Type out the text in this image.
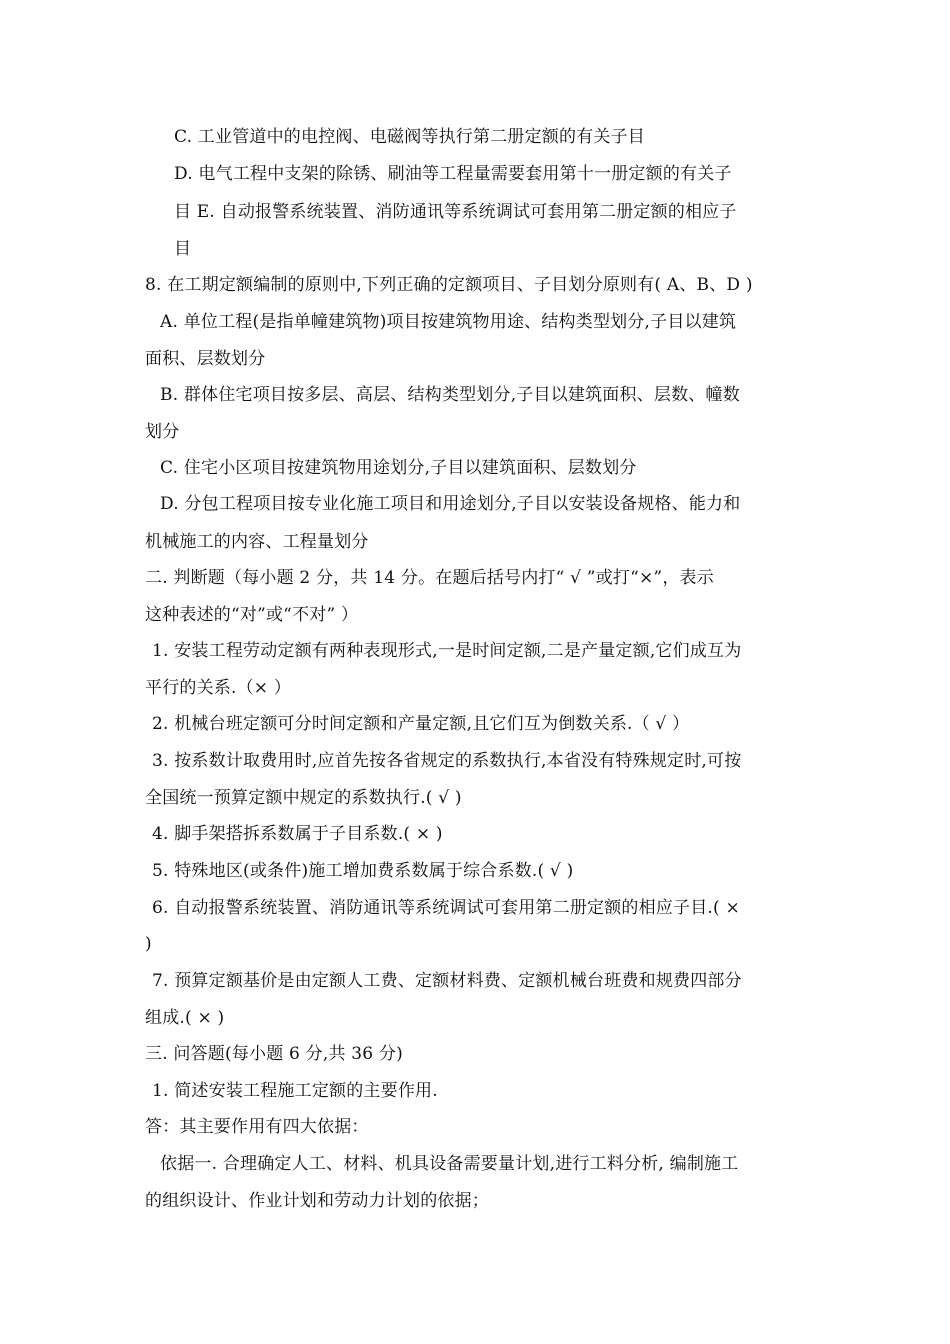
C. 工业管道中的电控阀、电磁阀等执行第二册定额的有关子目
D. 电气工程中支架的除锈、刷油等工程量需要套用第十一册定额的有关子
目 E. 自动报警系统装置、消防通讯等系统调试可套用第二册定额的相应子
目
8. 在工期定额编制的原则中,下列正确的定额项目、子目划分原则有( A、B、D )
A. 单位工程(是指单幢建筑物)项目按建筑物用途、结构类型划分,子目以建筑
面积、层数划分
B. 群体住宅项目按多层、高层、结构类型划分,子目以建筑面积、层数、幢数
划分
C. 住宅小区项目按建筑物用途划分,子目以建筑面积、层数划分
D. 分包工程项目按专业化施工项目和用途划分,子目以安装设备规格、能力和
机械施工的内容、工程量划分
二. 判断题（每小题 2 分，共 14 分。在题后括号内打“ √ ”或打“×”，表示
这种表述的“对”或“不对” ）
1. 安装工程劳动定额有两种表现形式,一是时间定额,二是产量定额,它们成互为
平行的关系.（× ）
2. 机械台班定额可分时间定额和产量定额,且它们互为倒数关系.（ √ ）
3. 按系数计取费用时,应首先按各省规定的系数执行,本省没有特殊规定时,可按
全国统一预算定额中规定的系数执行.( √ )
4. 脚手架搭拆系数属于子目系数.( × )
5. 特殊地区(或条件)施工增加费系数属于综合系数.( √ )
6. 自动报警系统装置、消防通讯等系统调试可套用第二册定额的相应子目.( ×
)
7. 预算定额基价是由定额人工费、定额材料费、定额机械台班费和规费四部分
组成.( × )
三. 问答题(每小题 6 分,共 36 分)
1. 简述安装工程施工定额的主要作用.
答：其主要作用有四大依据：
依据一. 合理确定人工、材料、机具设备需要量计划,进行工料分析, 编制施工
的组织设计、作业计划和劳动力计划的依据；
